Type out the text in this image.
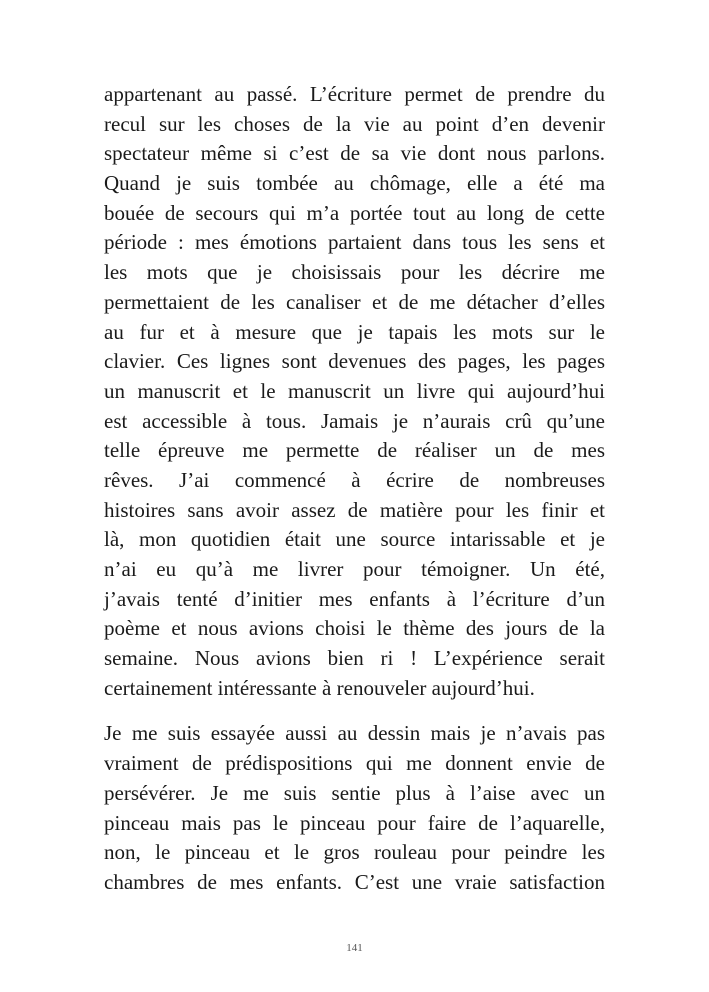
appartenant au passé. L’écriture permet de prendre du
recul sur les choses de la vie au point d’en devenir
spectateur même si c’est de sa vie dont nous parlons.
Quand je suis tombée au chômage, elle a été ma
bouée de secours qui m’a portée tout au long de cette
période : mes émotions partaient dans tous les sens et
les mots que je choisissais pour les décrire me
permettaient de les canaliser et de me détacher d’elles
au fur et à mesure que je tapais les mots sur le
clavier. Ces lignes sont devenues des pages, les pages
un manuscrit et le manuscrit un livre qui aujourd’hui
est accessible à tous. Jamais je n’aurais crû qu’une
telle épreuve me permette de réaliser un de mes
rêves. J’ai commencé à écrire de nombreuses
histoires sans avoir assez de matière pour les finir et
là, mon quotidien était une source intarissable et je
n’ai eu qu’à me livrer pour témoigner. Un été,
j’avais tenté d’initier mes enfants à l’écriture d’un
poème et nous avions choisi le thème des jours de la
semaine. Nous avions bien ri ! L’expérience serait
certainement intéressante à renouveler aujourd’hui.
Je me suis essayée aussi au dessin mais je n’avais pas
vraiment de prédispositions qui me donnent envie de
persévérer. Je me suis sentie plus à l’aise avec un
pinceau mais pas le pinceau pour faire de l’aquarelle,
non, le pinceau et le gros rouleau pour peindre les
chambres de mes enfants. C’est une vraie satisfaction
141
